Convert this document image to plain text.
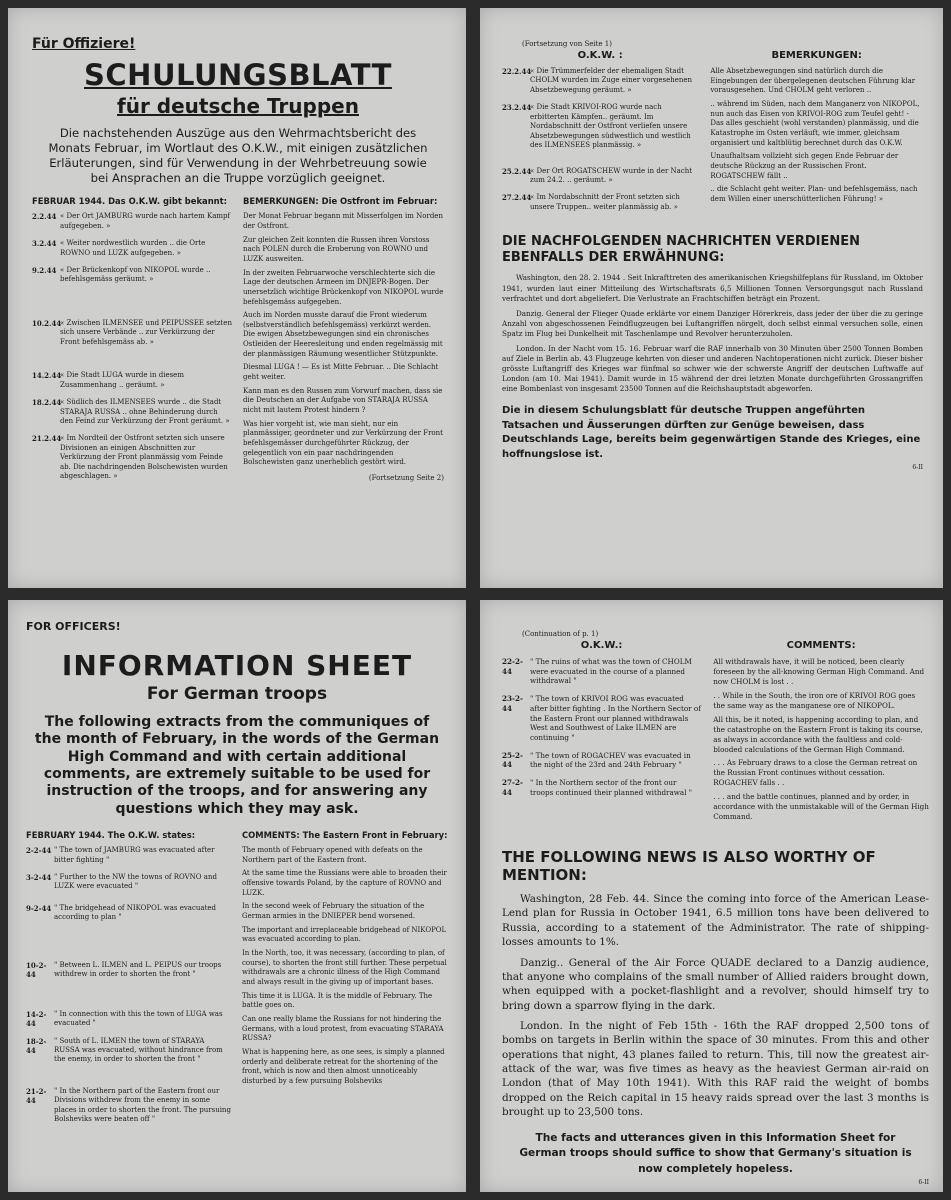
Für Offiziere!
SCHULUNGSBLATT
für deutsche Truppen

Die nachstehenden Auszüge aus den Wehrmachtsbericht des Monats Februar, im Wortlaut des O.K.W., mit einigen zusätzlichen Erläuterungen, sind für Verwendung in der Wehrbetreuung sowie bei Ansprachen an die Truppe vorzüglich geeignet.

FEBRUAR 1944. Das O.K.W. gibt bekannt:
2.2.44 « Der Ort JAMBURG wurde nach hartem Kampf aufgegeben. »
3.2.44 « Weiter nordwestlich wurden .. die Orte ROWNO und LUZK aufgegeben. »
9.2.44 « Der Brückenkopf von NIKOPOL wurde .. befehlsgemäss geräumt. »
10.2.44
« Zwischen ILMENSEE und PEIPUSSEE setzten sich unsere Verbände .. zur Verkürzung der Front befehlsgemäss ab. »
14.2.44
« Die Stadt LUGA wurde in diesem Zusammenhang .. geräumt. »
18.2.44
« Südlich des ILMENSEES wurde .. die Stadt STARAJA RUSSA .. ohne Behinderung durch den Feind zur Verkürzung der Front geräumt. »
21.2.44
« Im Nordteil der Ostfront setzten sich unsere Divisionen an einigen Abschnitten zur Verkürzung der Front planmässig vom Feinde ab. Die nachdringenden Bolschewisten wurden abgeschlagen. »
BEMERKUNGEN: Die Ostfront im Februar:

Der Monat Februar begann mit Misserfolgen im Norden der Ostfront.

Zur gleichen Zeit konnten die Russen ihren Vorstoss nach POLEN durch die Eroberung von ROWNO und LUZK ausweiten.

In der zweiten Februarwoche verschlechterte sich die Lage der deutschen Armeen im DNJEPR-Bogen. Der unersetzlich wichtige Brückenkopf von NIKOPOL wurde befehlsgemäss aufgegeben.

Auch im Norden musste darauf die Front wiederum (selbstverständlich befehlsgemäss) verkürzt werden. Die ewigen Absetzbewegungen sind ein chronisches Ostleiden der Heeresleitung und enden regelmässig mit der planmässigen Räumung wesentlicher Stützpunkte.

Diesmal LUGA ! — Es ist Mitte Februar. .. Die Schlacht geht weiter.

Kann man es den Russen zum Vorwurf machen, dass sie die Deutschen an der Aufgabe von STARAJA RUSSA nicht mit lautem Protest hindern ?

Was hier vorgeht ist, wie man sieht, nur ein planmässiger, geordneter und zur Verkürzung der Front befehlsgemässer durchgeführter Rückzug, der gelegentlich von ein paar nachdringenden Bolschewisten ganz unerheblich gestört wird.

(Fortsetzung Seite 2)
(Fortsetzung von Seite 1)
O.K.W. :
22.2.44
« Die Trümmerfelder der ehemaligen Stadt CHOLM wurden im Zuge einer vorgesehenen Absetzbewegung geräumt. »
23.2.44
« Die Stadt KRIVOI-ROG wurde nach erbitterten Kämpfen.. geräumt. Im Nordabschnitt der Ostfront verliefen unsere Absetzbewegungen südwestlich und westlich des ILMENSEES planmässig. »
25.2.44
« Der Ort ROGATSCHEW wurde in der Nacht zum 24.2. .. geräumt. »
27.2.44
« Im Nordabschnitt der Front setzten sich unsere Truppen.. weiter planmässig ab. »
BEMERKUNGEN:

Alle Absetzbewegungen sind natürlich durch die Eingebungen der übergelegenen deutschen Führung klar vorausgesehen. Und CHOLM geht verloren ..

.. während im Süden, nach dem Manganerz von NIKOPOL, nun auch das Eisen von KRIVOI-ROG zum Teufel geht! - Das alles geschieht (wohl verstanden) planmässig, und die Katastrophe im Osten verläuft, wie immer, gleichsam organisiert und kaltblütig berechnet durch das O.K.W.

Unaufhaltsam vollzieht sich gegen Ende Februar der deutsche Rückzug an der Russischen Front. ROGATSCHEW fällt ..

.. die Schlacht geht weiter. Plan- und befehlsgemäss, nach dem Willen einer unerschütterlichen Führung! »

DIE NACHFOLGENDEN NACHRICHTEN VERDIENEN EBENFALLS DER ERWÄHNUNG:

Washington, den 28. 2. 1944 . Seit Inkrafttreten des amerikanischen Kriegshilfeplans für Russland, im Oktober 1941, wurden laut einer Mitteilung des Wirtschaftsrats 6,5 Millionen Tonnen Versorgungsgut nach Russland verfrachtet und dort abgeliefert. Die Verlustrate an Frachtschiffen beträgt ein Prozent.

Danzig. General der Flieger Quade erklärte vor einem Danziger Hörerkreis, dass jeder der über die zu geringe Anzahl von abgeschossenen Feindflugzeugen bei Luftangriffen nörgelt, doch selbst einmal versuchen solle, einen Spatz im Flug bei Dunkelheit mit Taschenlampe und Revolver herunterzuholen.

London. In der Nacht vom 15. 16. Februar warf die RAF innerhalb von 30 Minuten über 2500 Tonnen Bomben auf Ziele in Berlin ab. 43 Flugzeuge kehrten von dieser und anderen Nachtoperationen nicht zurück. Dieser bisher grösste Luftangriff des Krieges war fünfmal so schwer wie der schwerste Angriff der deutschen Luftwaffe auf London (am 10. Mai 1941). Damit wurde in 15 während der drei letzten Monate durchgeführten Grossangriffen eine Bombenlast von insgesamt 23500 Tonnen auf die Reichshauptstadt abgeworfen.

Die in diesem Schulungsblatt für deutsche Truppen angeführten Tatsachen und Äusserungen dürften zur Genüge beweisen, dass Deutschlands Lage, bereits beim gegenwärtigen Stande des Krieges, eine hoffnungslose ist.

6-II
FOR OFFICERS!
INFORMATION SHEET
For German troops

The following extracts from the communiques of the month of February, in the words of the German High Command and with certain additional comments, are extremely suitable to be used for instruction of the troops, and for answering any questions which they may ask.

FEBRUARY 1944. The O.K.W. states:
2-2-44 " The town of JAMBURG was evacuated after bitter fighting "
3-2-44 " Further to the NW the towns of ROVNO and LUZK were evacuated "
9-2-44 " The bridgehead of NIKOPOL was evacuated according to plan "
10-2-44
" Between L. ILMEN and L. PEIPUS our troops withdrew in order to shorten the front "
14-2-44
" In connection with this the town of LUGA was evacuated "
18-2-44
" South of L. ILMEN the town of STARAYA RUSSA was evacuated, without hindrance from the enemy, in order to shorten the front "
21-2-44
" In the Northern part of the Eastern front our Divisions withdrew from the enemy in some places in order to shorten the front. The pursuing Bolsheviks were beaten off "
COMMENTS: The Eastern Front in February:

The month of February opened with defeats on the Northern part of the Eastern front.

At the same time the Russians were able to broaden their offensive towards Poland, by the capture of ROVNO and LUZK.

In the second week of February the situation of the German armies in the DNIEPER bend worsened.

The important and irreplaceable bridgehead of NIKOPOL was evacuated according to plan.

In the North, too, it was necessary, (according to plan, of course), to shorten the front still further. These perpetual withdrawals are a chronic illness of the High Command and always result in the giving up of important bases.

This time it is LUGA. It is the middle of February. The battle goes on.

Can one really blame the Russians for not hindering the Germans, with a loud protest, from evacuating STARAYA RUSSA?

What is happening here, as one sees, is simply a planned orderly and deliberate retreat for the shortening of the front, which is now and then almost unnoticeably disturbed by a few pursuing Bolsheviks

(Continuation of p. 1)
O.K.W.:
22-2-44
" The ruins of what was the town of CHOLM were evacuated in the course of a planned withdrawal "
23-2-44
" The town of KRIVOI ROG was evacuated after bitter fighting . In the Northern Sector of the Eastern Front our planned withdrawals West and Southwest of Lake ILMEN are continuing "
25-2-44
" The town of ROGACHEV was evacuated in the night of the 23rd and 24th February "
27-2-44
" In the Northern sector of the front our troops continued their planned withdrawal "
COMMENTS:

All withdrawals have, it will be noticed, been clearly foreseen by the all-knowing German High Command. And now CHOLM is lost . .

. . While in the South, the iron ore of KRIVOI ROG goes the same way as the manganese ore of NIKOPOL.

All this, be it noted, is happening according to plan, and the catastrophe on the Eastern Front is taking its course, as always in accordance with the faultless and cold-blooded calculations of the German High Command.

. . . As February draws to a close the German retreat on the Russian Front continues without cessation. ROGACHEV falls . .

. . . and the battle continues, planned and by order, in accordance with the unmistakable will of the German High Command.

THE FOLLOWING NEWS IS ALSO WORTHY OF MENTION:

Washington, 28 Feb. 44. Since the coming into force of the American Lease-Lend plan for Russia in October 1941, 6.5 million tons have been delivered to Russia, according to a statement of the Administrator. The rate of shipping-losses amounts to 1%.

Danzig.. General of the Air Force QUADE declared to a Danzig audience, that anyone who complains of the small number of Allied raiders brought down, when equipped with a pocket-flashlight and a revolver, should himself try to bring down a sparrow flying in the dark.

London. In the night of Feb 15th - 16th the RAF dropped 2,500 tons of bombs on targets in Berlin within the space of 30 minutes. From this and other operations that night, 43 planes failed to return. This, till now the greatest air-attack of the war, was five times as heavy as the heaviest German air-raid on London (that of May 10th 1941). With this RAF raid the weight of bombs dropped on the Reich capital in 15 heavy raids spread over the last 3 months is brought up to 23,500 tons.

The facts and utterances given in this Information Sheet for German troops should suffice to show that Germany's situation is now completely hopeless.

6-II
